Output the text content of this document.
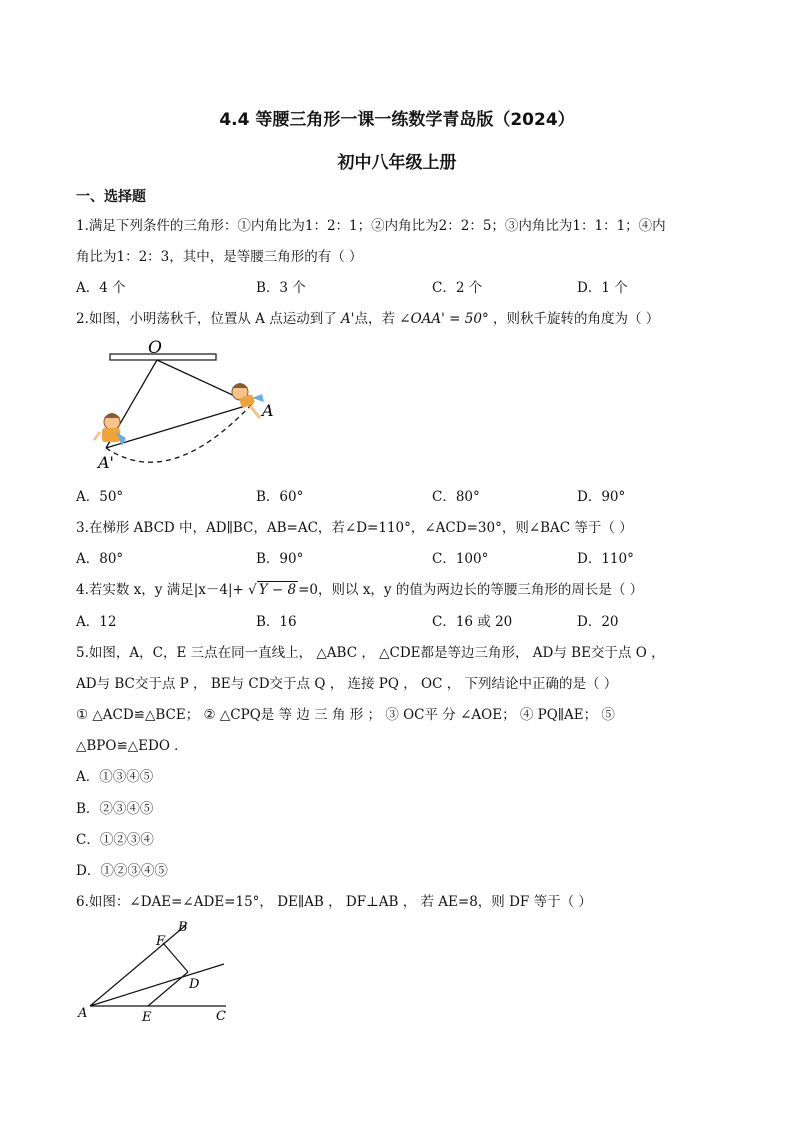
4.4 等腰三角形一课一练数学青岛版（2024）
初中八年级上册
一、选择题
1.满足下列条件的三角形：①内角比为1：2：1；②内角比为2：2：5；③内角比为1：1：1；④内
角比为1：2：3，其中，是等腰三角形的有（ ）
A．4 个	B．3 个	C．2 个	D．1 个
2.如图，小明荡秋千，位置从 A 点运动到了 A'点，若 ∠OAA' = 50° ，则秋千旋转的角度为（ ）
O
A
A'
A．50°	B．60°	C．80°	D．90°
3.在梯形 ABCD 中，AD∥BC，AB=AC，若∠D=110°，∠ACD=30°，则∠BAC 等于（ ）
A．80°	B．90°	C．100°	D．110°
4.若实数 x，y 满足|x－4|+ √ Y − 8 =0，则以 x，y 的值为两边长的等腰三角形的周长是（ ）
A．12	B．16	C．16 或 20	D．20
5.如图，A，C，E 三点在同一直线上， △ABC ， △CDE都是等边三角形， AD与 BE交于点 O ，
AD与 BC交于点 P ， BE与 CD交于点 Q ， 连接 PQ ， OC ， 下列结论中正确的是（ ）
① △ACD≌△BCE； ② △CPQ是 等 边 三 角 形 ； ③ OC平 分 ∠AOE； ④ PQ∥AE； ⑤
△BPO≌△EDO ．
A．①③④⑤
B．②③④⑤
C．①②③④
D．①②③④⑤
6.如图：∠DAE=∠ADE=15°， DE∥AB ， DF⊥AB ， 若 AE=8，则 DF 等于（ ）
A
B
C
D
E
F
